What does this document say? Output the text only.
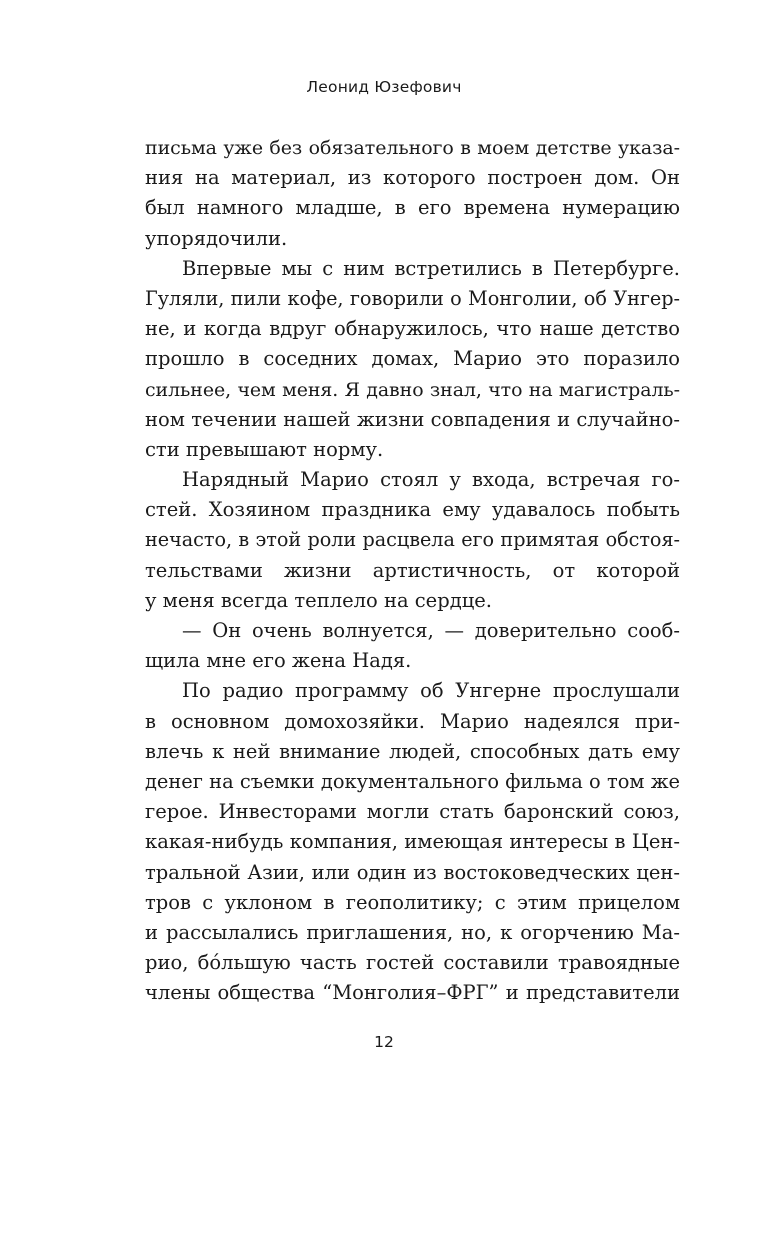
Леонид Юзефович
письма уже без обязательного в моем детстве указа-
ния на материал, из которого построен дом. Он
был намного младше, в его времена нумерацию
упорядочили.
Впервые мы с ним встретились в Петербурге.
Гуляли, пили кофе, говорили о Монголии, об Унгер-
не, и когда вдруг обнаружилось, что наше детство
прошло в соседних домах, Марио это поразило
сильнее, чем меня. Я давно знал, что на магистраль-
ном течении нашей жизни совпадения и случайно-
сти превышают норму.
Нарядный Марио стоял у входа, встречая го-
стей. Хозяином праздника ему удавалось побыть
нечасто, в этой роли расцвела его примятая обстоя-
тельствами жизни артистичность, от которой
у меня всегда теплело на сердце.
— Он очень волнуется, — доверительно сооб-
щила мне его жена Надя.
По радио программу об Унгерне прослушали
в основном домохозяйки. Марио надеялся при-
влечь к ней внимание людей, способных дать ему
денег на съемки документального фильма о том же
герое. Инвесторами могли стать баронский союз,
какая-нибудь компания, имеющая интересы в Цен-
тральной Азии, или один из востоковедческих цен-
тров с уклоном в геополитику; с этим прицелом
и рассылались приглашения, но, к огорчению Ма-
рио, бóльшую часть гостей составили травоядные
члены общества “Монголия–ФРГ” и представители
12
